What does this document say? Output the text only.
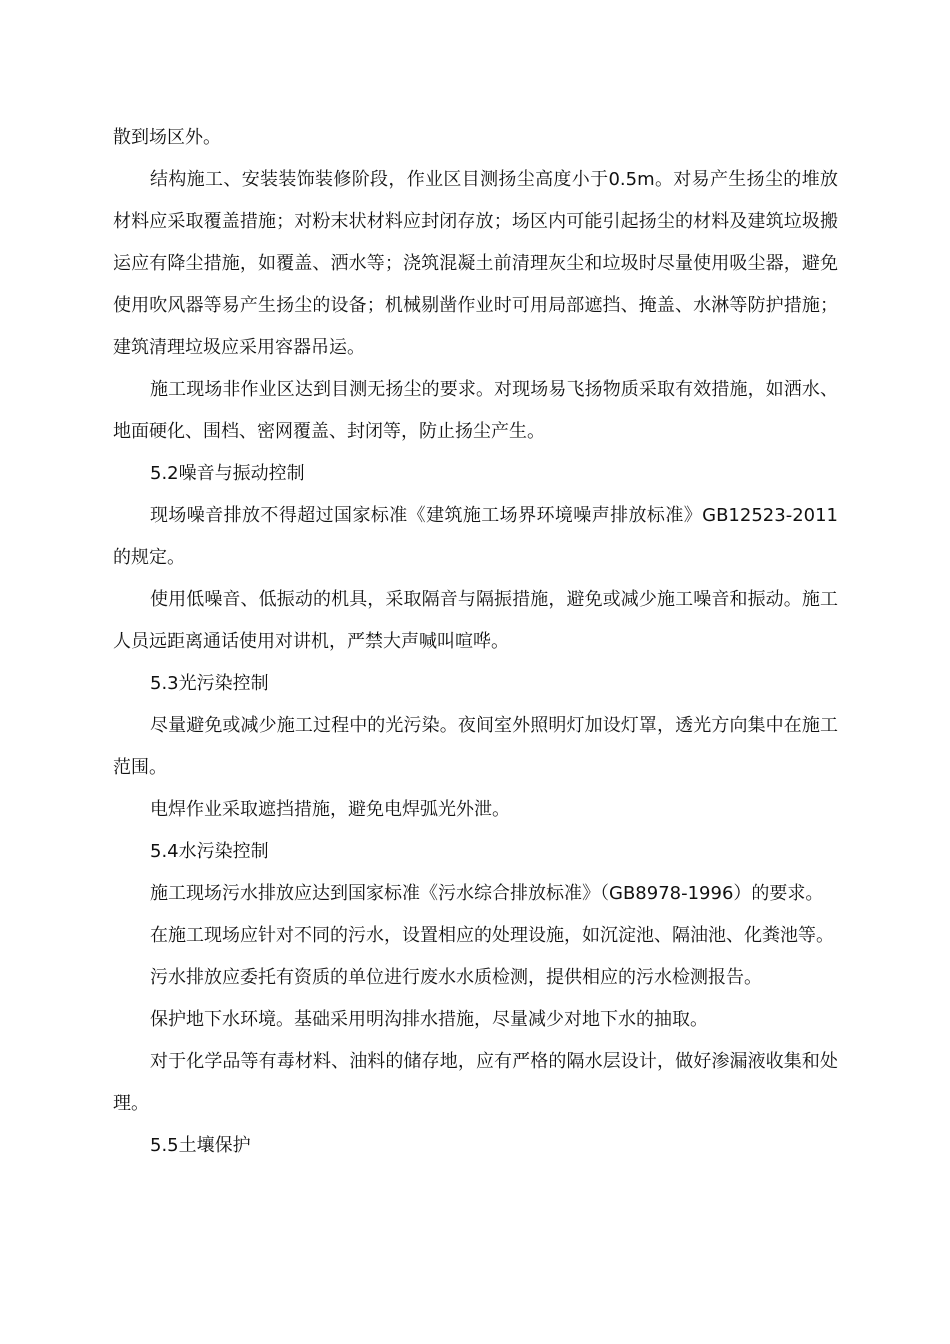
散到场区外。

结构施工、安装装饰装修阶段，作业区目测扬尘高度小于0.5m。对易产生扬尘的堆放材料应采取覆盖措施；对粉末状材料应封闭存放；场区内可能引起扬尘的材料及建筑垃圾搬运应有降尘措施，如覆盖、洒水等；浇筑混凝土前清理灰尘和垃圾时尽量使用吸尘器，避免使用吹风器等易产生扬尘的设备；机械剔凿作业时可用局部遮挡、掩盖、水淋等防护措施；建筑清理垃圾应采用容器吊运。

施工现场非作业区达到目测无扬尘的要求。对现场易飞扬物质采取有效措施，如洒水、地面硬化、围档、密网覆盖、封闭等，防止扬尘产生。

5.2噪音与振动控制

现场噪音排放不得超过国家标准《建筑施工场界环境噪声排放标准》GB12523-2011的规定。

使用低噪音、低振动的机具，采取隔音与隔振措施，避免或减少施工噪音和振动。施工人员远距离通话使用对讲机，严禁大声喊叫喧哗。

5.3光污染控制

尽量避免或减少施工过程中的光污染。夜间室外照明灯加设灯罩，透光方向集中在施工范围。

电焊作业采取遮挡措施，避免电焊弧光外泄。

5.4水污染控制

施工现场污水排放应达到国家标准《污水综合排放标准》（GB8978-1996）的要求。

在施工现场应针对不同的污水，设置相应的处理设施，如沉淀池、隔油池、化粪池等。

污水排放应委托有资质的单位进行废水水质检测，提供相应的污水检测报告。

保护地下水环境。基础采用明沟排水措施，尽量减少对地下水的抽取。

对于化学品等有毒材料、油料的储存地，应有严格的隔水层设计，做好渗漏液收集和处理。

5.5土壤保护
